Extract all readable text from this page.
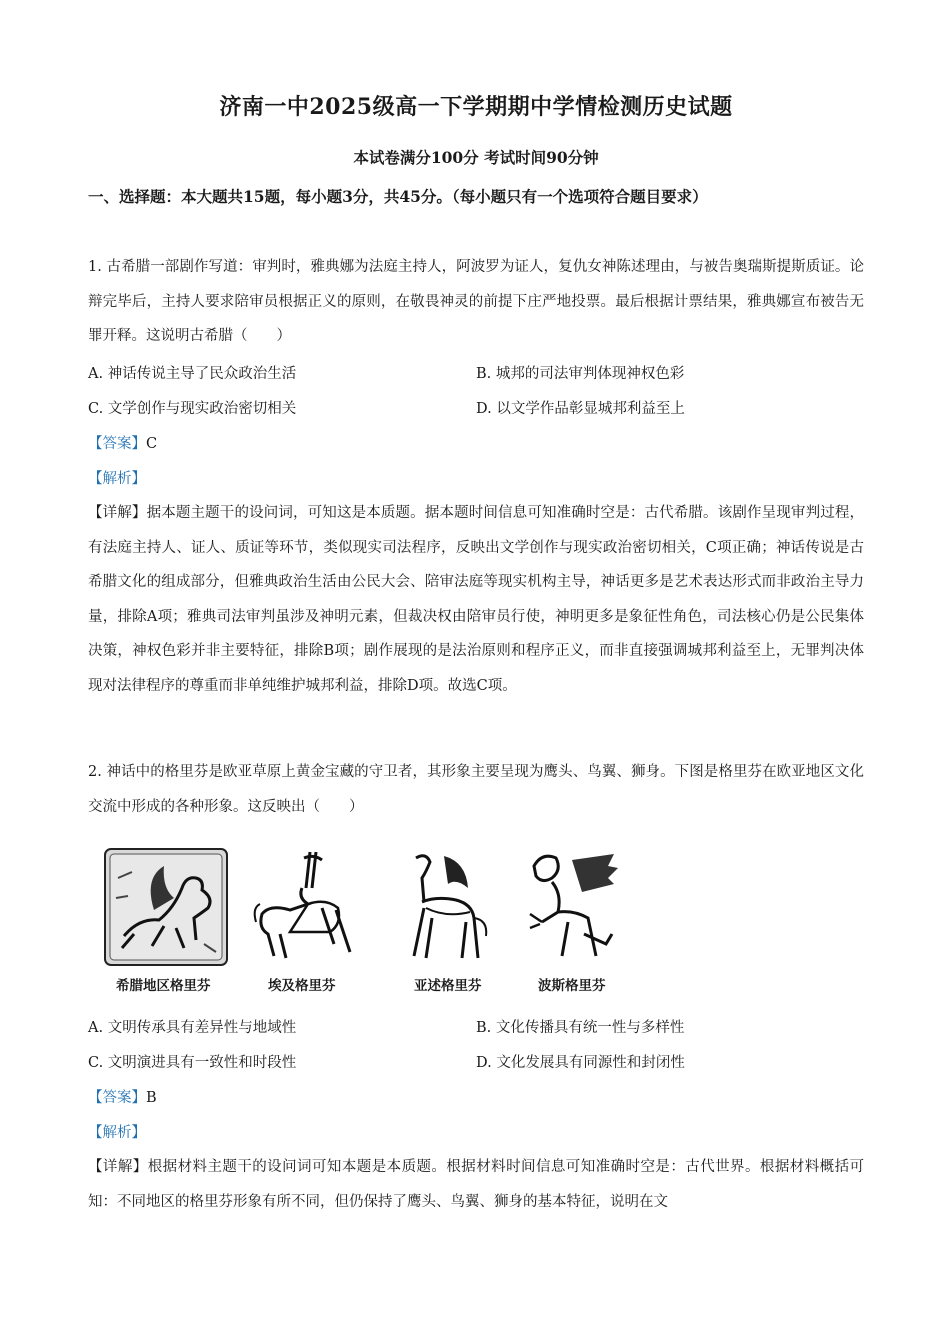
济南一中2025级高一下学期期中学情检测历史试题
本试卷满分100分 考试时间90分钟
一、选择题：本大题共15题，每小题3分，共45分。（每小题只有一个选项符合题目要求）
1. 古希腊一部剧作写道：审判时，雅典娜为法庭主持人，阿波罗为证人，复仇女神陈述理由，与被告奥瑞斯提斯质证。论辩完毕后，主持人要求陪审员根据正义的原则，在敬畏神灵的前提下庄严地投票。最后根据计票结果，雅典娜宣布被告无罪开释。这说明古希腊（　　）
A. 神话传说主导了民众政治生活	B. 城邦的司法审判体现神权色彩
C. 文学创作与现实政治密切相关	D. 以文学作品彰显城邦利益至上
【答案】C
【解析】
【详解】据本题主题干的设问词，可知这是本质题。据本题时间信息可知准确时空是：古代希腊。该剧作呈现审判过程，有法庭主持人、证人、质证等环节，类似现实司法程序，反映出文学创作与现实政治密切相关，C项正确；神话传说是古希腊文化的组成部分，但雅典政治生活由公民大会、陪审法庭等现实机构主导，神话更多是艺术表达形式而非政治主导力量，排除A项；雅典司法审判虽涉及神明元素，但裁决权由陪审员行使，神明更多是象征性角色，司法核心仍是公民集体决策，神权色彩并非主要特征，排除B项；剧作展现的是法治原则和程序正义，而非直接强调城邦利益至上，无罪判决体现对法律程序的尊重而非单纯维护城邦利益，排除D项。故选C项。
2. 神话中的格里芬是欧亚草原上黄金宝藏的守卫者，其形象主要呈现为鹰头、鸟翼、狮身。下图是格里芬在欧亚地区文化交流中形成的各种形象。这反映出（　　）
希腊地区格里芬	埃及格里芬	亚述格里芬	波斯格里芬
A. 文明传承具有差异性与地域性	B. 文化传播具有统一性与多样性
C. 文明演进具有一致性和时段性	D. 文化发展具有同源性和封闭性
【答案】B
【解析】
【详解】根据材料主题干的设问词可知本题是本质题。根据材料时间信息可知准确时空是：古代世界。根据材料概括可知：不同地区的格里芬形象有所不同，但仍保持了鹰头、鸟翼、狮身的基本特征，说明在文
